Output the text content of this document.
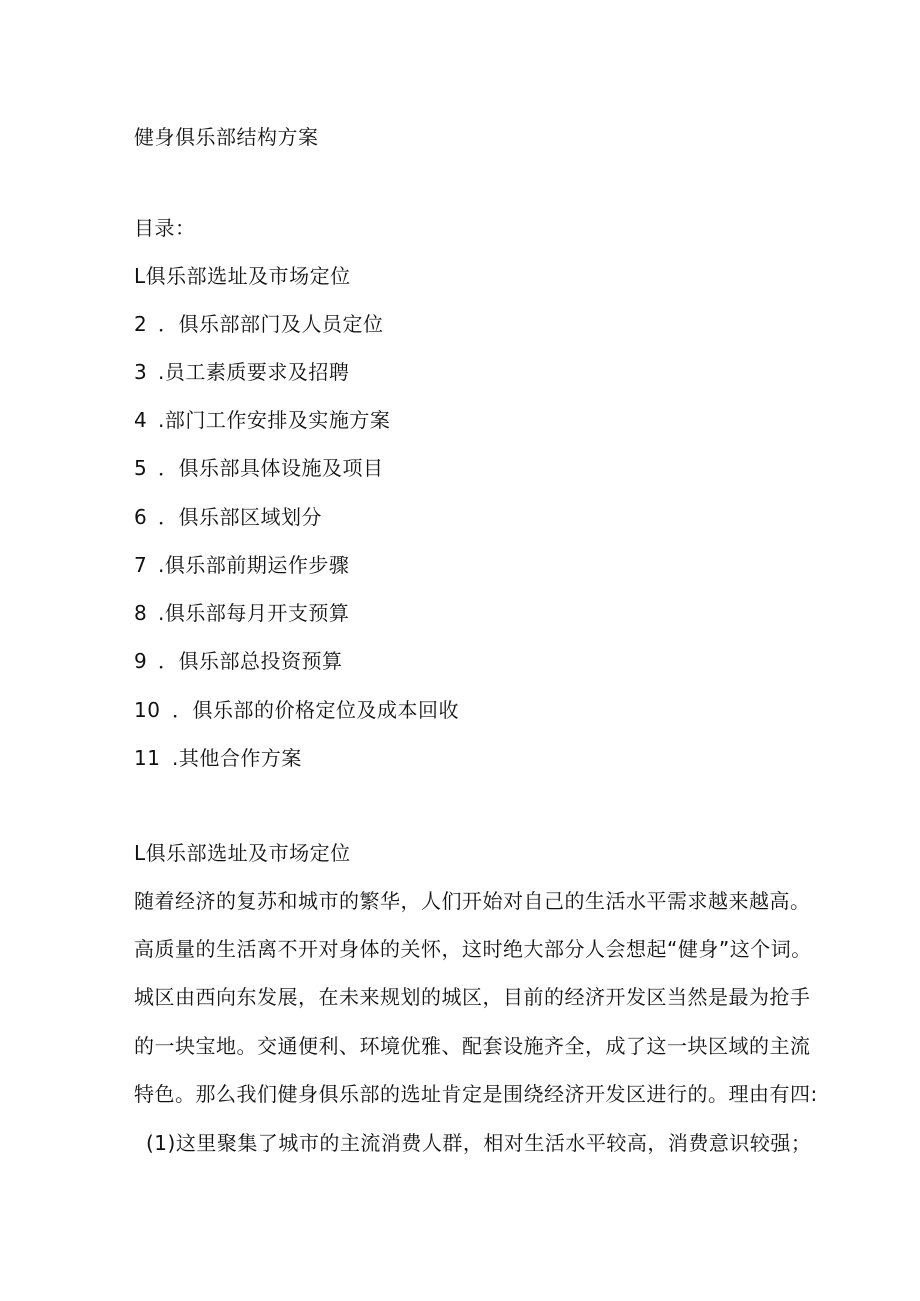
健身俱乐部结构方案
目录：
L俱乐部选址及市场定位
2 ．俱乐部部门及人员定位
3 .员工素质要求及招聘
4 .部门工作安排及实施方案
5 ．俱乐部具体设施及项目
6 ．俱乐部区域划分
7 .俱乐部前期运作步骤
8 .俱乐部每月开支预算
9 ．俱乐部总投资预算
10 ．俱乐部的价格定位及成本回收
11 .其他合作方案
L俱乐部选址及市场定位
随着经济的复苏和城市的繁华，人们开始对自己的生活水平需求越来越高。
高质量的生活离不开对身体的关怀，这时绝大部分人会想起“健身”这个词。
城区由西向东发展，在未来规划的城区，目前的经济开发区当然是最为抢手
的一块宝地。交通便利、环境优雅、配套设施齐全，成了这一块区域的主流
特色。那么我们健身俱乐部的选址肯定是围绕经济开发区进行的。理由有四:
(1)这里聚集了城市的主流消费人群，相对生活水平较高，消费意识较强；
